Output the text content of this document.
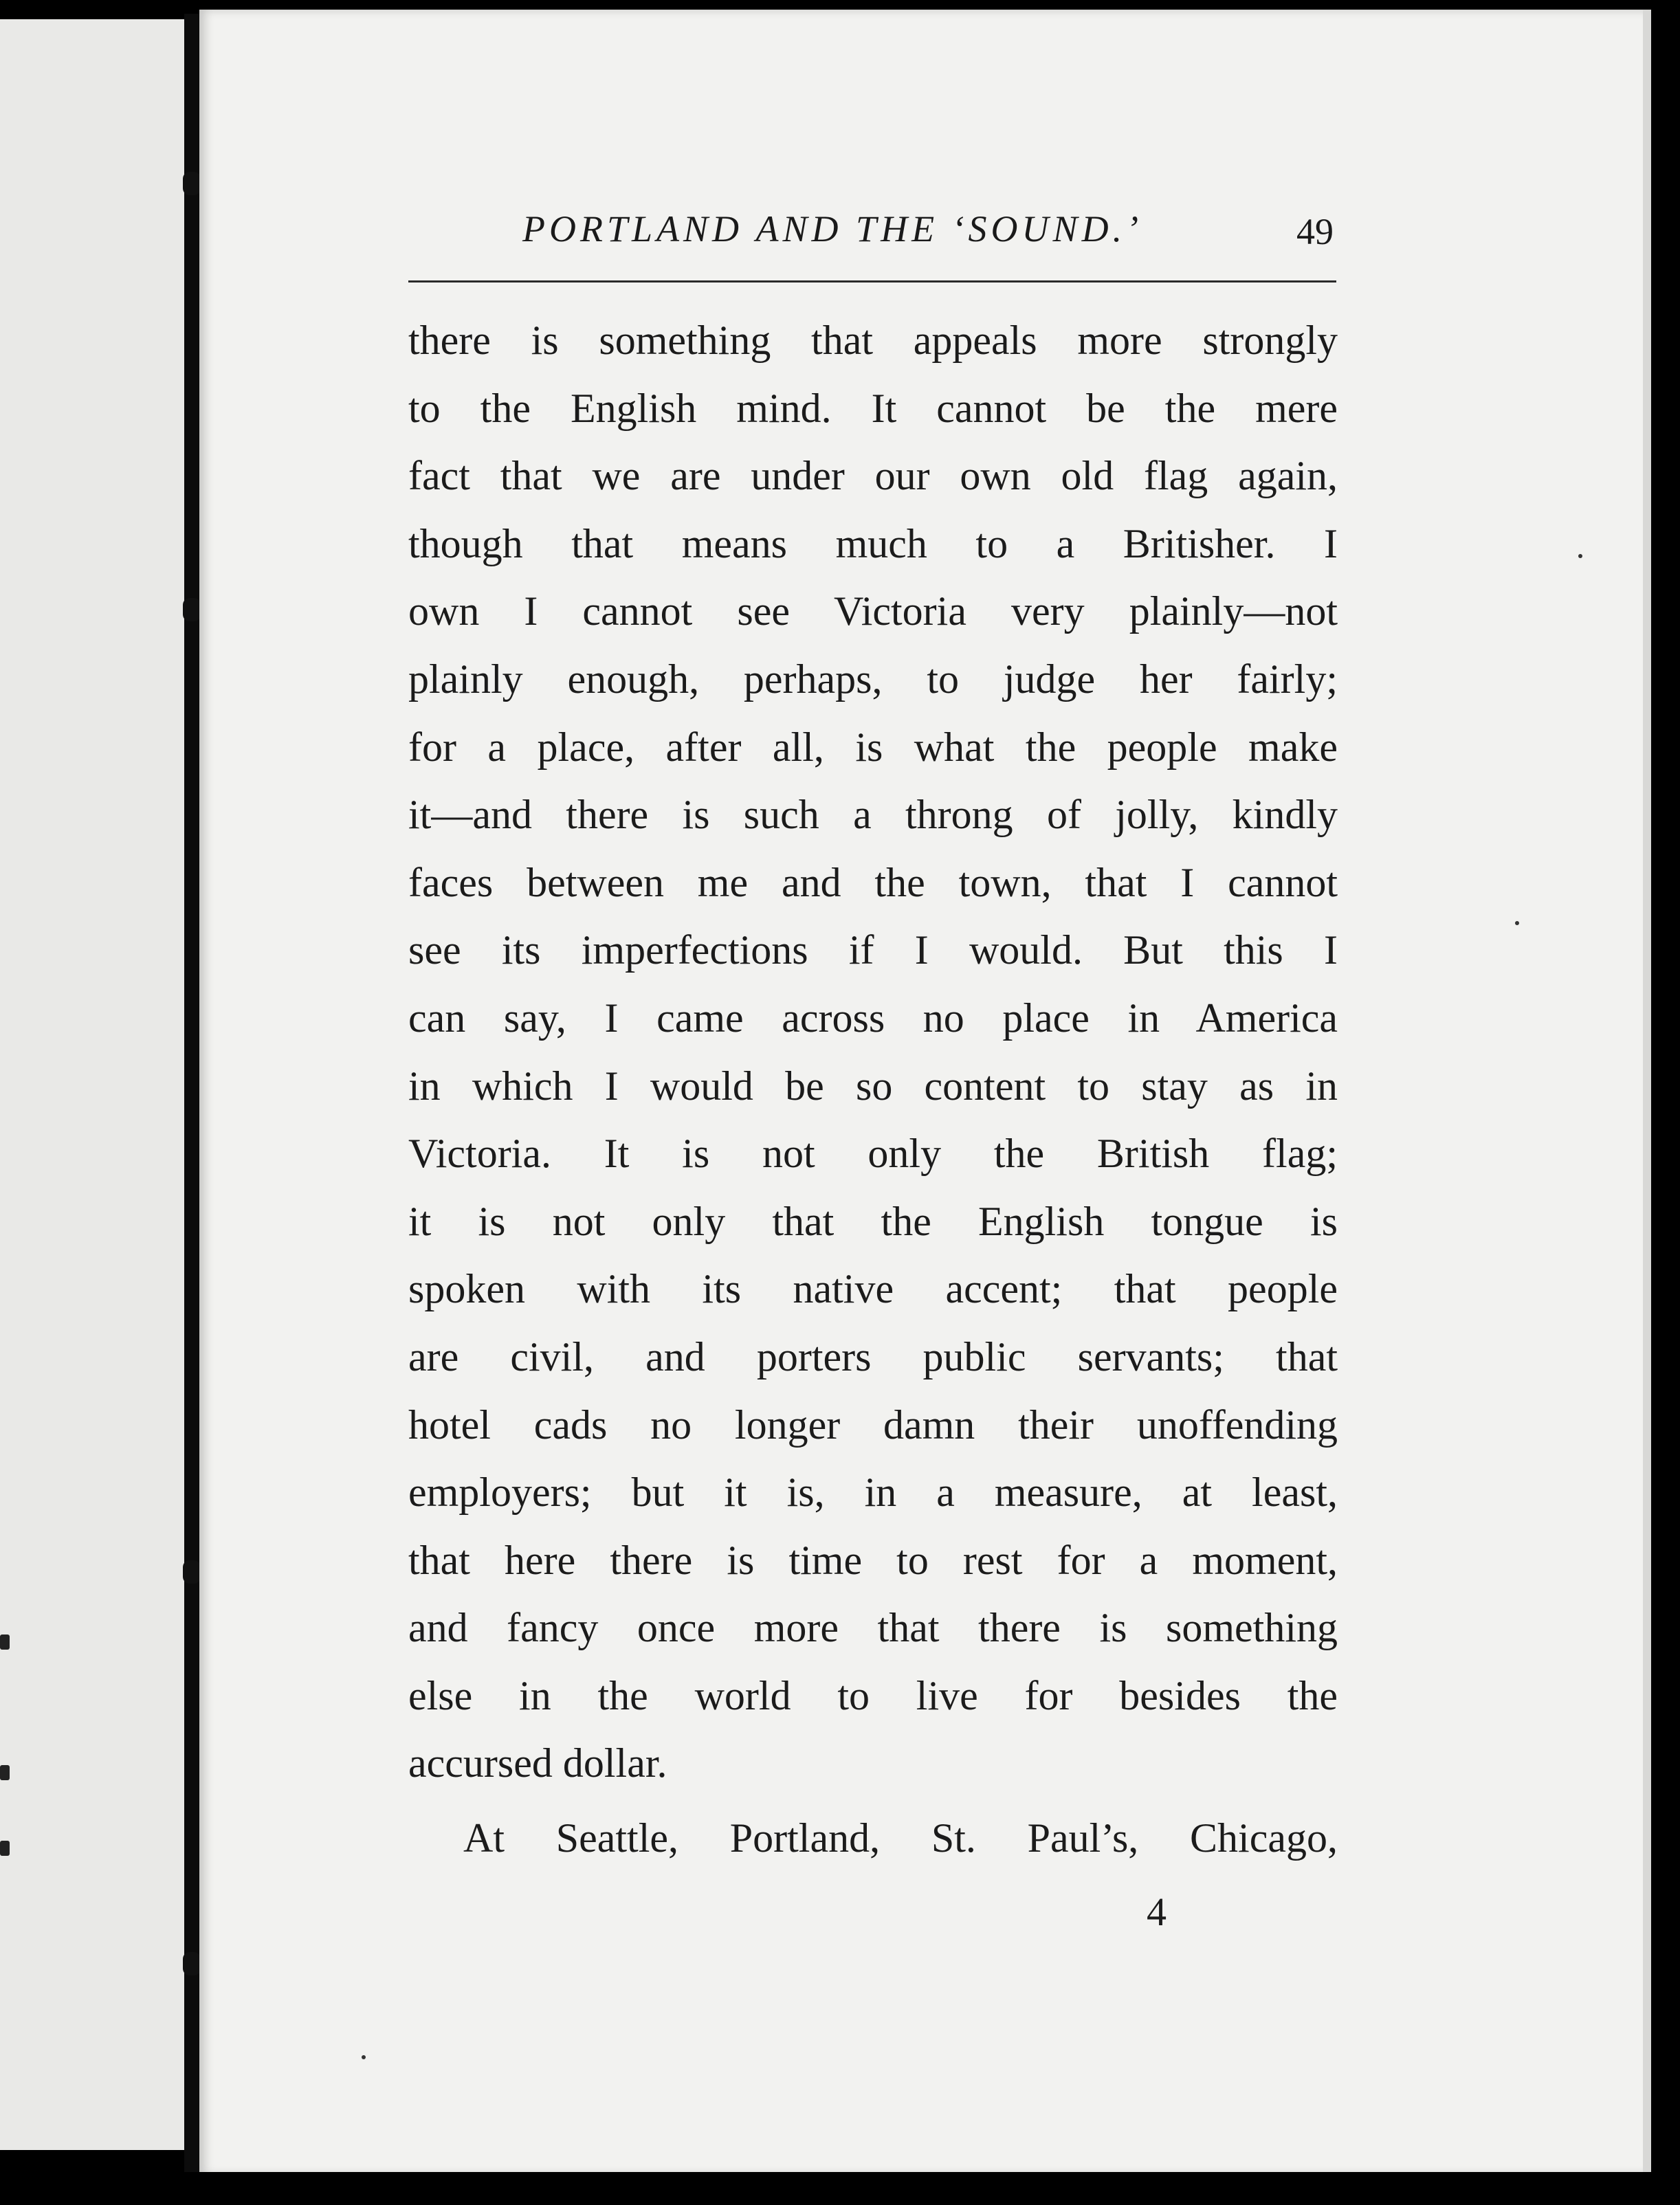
PORTLAND AND THE ‘SOUND.’	49
there is something that appeals more strongly
to the English mind. It cannot be the mere
fact that we are under our own old flag again,
though that means much to a Britisher. I
own I cannot see Victoria very plainly—not
plainly enough, perhaps, to judge her fairly;
for a place, after all, is what the people make
it—and there is such a throng of jolly, kindly
faces between me and the town, that I cannot
see its imperfections if I would. But this I
can say, I came across no place in America
in which I would be so content to stay as in
Victoria. It is not only the British flag;
it is not only that the English tongue is
spoken with its native accent; that people
are civil, and porters public servants; that
hotel cads no longer damn their unoffending
employers; but it is, in a measure, at least,
that here there is time to rest for a moment,
and fancy once more that there is something
else in the world to live for besides the
accursed dollar.
At Seattle, Portland, St. Paul’s, Chicago,
4
